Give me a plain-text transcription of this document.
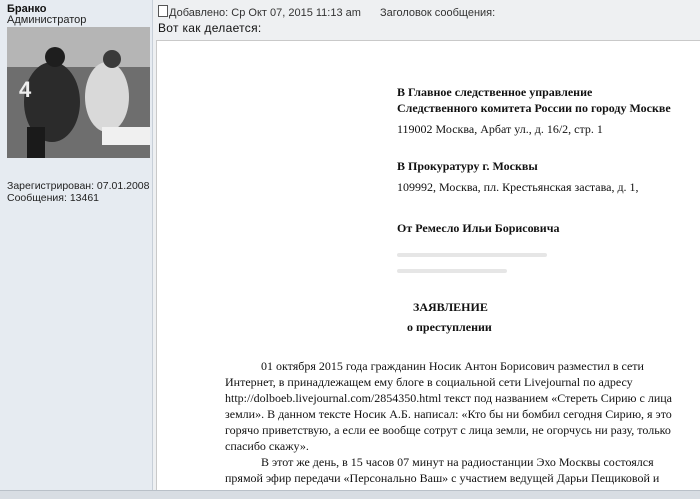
Бранко
Администратор
4
Зарегистрирован: 07.01.2008
Сообщения: 13461
Добавлено: Ср Окт 07, 2015 11:13 am Заголовок сообщения:
Вот как делается:
В Главное следственное управление
Следственного комитета России по городу Москве
119002 Москва, Арбат ул., д. 16/2, стр. 1
В Прокуратуру г. Москвы
109992, Москва, пл. Крестьянская застава, д. 1,
От Ремесло Ильи Борисовича
ЗАЯВЛЕНИЕ
о преступлении
01 октября 2015 года гражданин Носик Антон Борисович разместил в сети
Интернет, в принадлежащем ему блоге в социальной сети Livejournal по адресу
http://dolboeb.livejournal.com/2854350.html текст под названием «Стереть Сирию с лица
земли». В данном тексте Носик А.Б. написал: «Кто бы ни бомбил сегодня Сирию, я это
горячо приветствую, а если ее вообще сотрут с лица земли, не огорчусь ни разу, только
спасибо скажу».
В этот же день, в 15 часов 07 минут на радиостанции Эхо Москвы состоялся
прямой эфир передачи «Персонально Ваш» с участием ведущей Дарьи Пещиковой и
